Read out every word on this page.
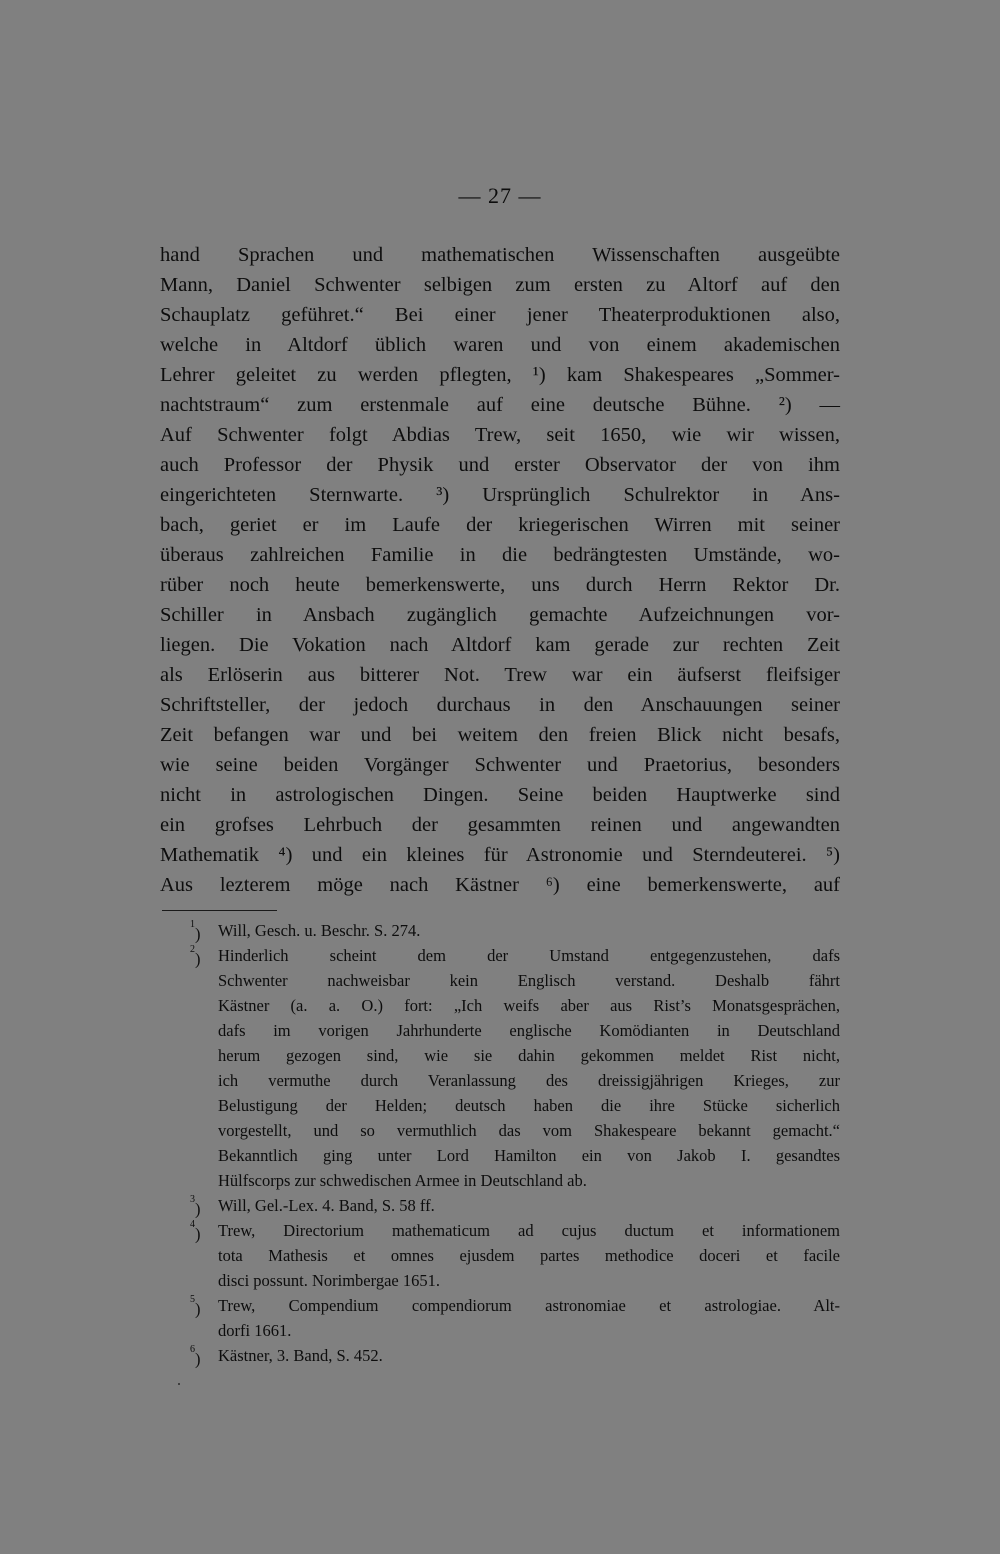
— 27 —
hand Sprachen und mathematischen Wissenschaften ausgeübte
Mann, Daniel Schwenter selbigen zum ersten zu Altorf auf den
Schauplatz geführet.“ Bei einer jener Theaterproduktionen also,
welche in Altdorf üblich waren und von einem akademischen
Lehrer geleitet zu werden pflegten, ¹) kam Shakespeares „Sommer-
nachtstraum“ zum erstenmale auf eine deutsche Bühne. ²) —
Auf Schwenter folgt Abdias Trew, seit 1650, wie wir wissen,
auch Professor der Physik und erster Observator der von ihm
eingerichteten Sternwarte. ³) Ursprünglich Schulrektor in Ans-
bach, geriet er im Laufe der kriegerischen Wirren mit seiner
überaus zahlreichen Familie in die bedrängtesten Umstände, wo-
rüber noch heute bemerkenswerte, uns durch Herrn Rektor Dr.
Schiller in Ansbach zugänglich gemachte Aufzeichnungen vor-
liegen. Die Vokation nach Altdorf kam gerade zur rechten Zeit
als Erlöserin aus bitterer Not. Trew war ein äufserst fleifsiger
Schriftsteller, der jedoch durchaus in den Anschauungen seiner
Zeit befangen war und bei weitem den freien Blick nicht besafs,
wie seine beiden Vorgänger Schwenter und Praetorius, besonders
nicht in astrologischen Dingen. Seine beiden Hauptwerke sind
ein grofses Lehrbuch der gesammten reinen und angewandten
Mathematik ⁴) und ein kleines für Astronomie und Sterndeuterei. ⁵)
Aus lezterem möge nach Kästner ⁶) eine bemerkenswerte, auf
$^1$) Will, Gesch. u. Beschr. S. 274.
$^2$) Hinderlich scheint dem der Umstand entgegenzustehen, dafs
Schwenter nachweisbar kein Englisch verstand. Deshalb fährt
Kästner (a. a. O.) fort: „Ich weifs aber aus Rist’s Monatsgesprächen,
dafs im vorigen Jahrhunderte englische Komödianten in Deutschland
herum gezogen sind, wie sie dahin gekommen meldet Rist nicht,
ich vermuthe durch Veranlassung des dreissigjährigen Krieges, zur
Belustigung der Helden; deutsch haben die ihre Stücke sicherlich
vorgestellt, und so vermuthlich das vom Shakespeare bekannt gemacht.“
Bekanntlich ging unter Lord Hamilton ein von Jakob I. gesandtes
Hülfscorps zur schwedischen Armee in Deutschland ab.
$^3$) Will, Gel.-Lex. 4. Band, S. 58 ff.
$^4$) Trew, Directorium mathematicum ad cujus ductum et informationem
tota Mathesis et omnes ejusdem partes methodice doceri et facile
disci possunt. Norimbergae 1651.
$^5$) Trew, Compendium compendiorum astronomiae et astrologiae. Alt-
dorfi 1661.
$^6$) Kästner, 3. Band, S. 452.
